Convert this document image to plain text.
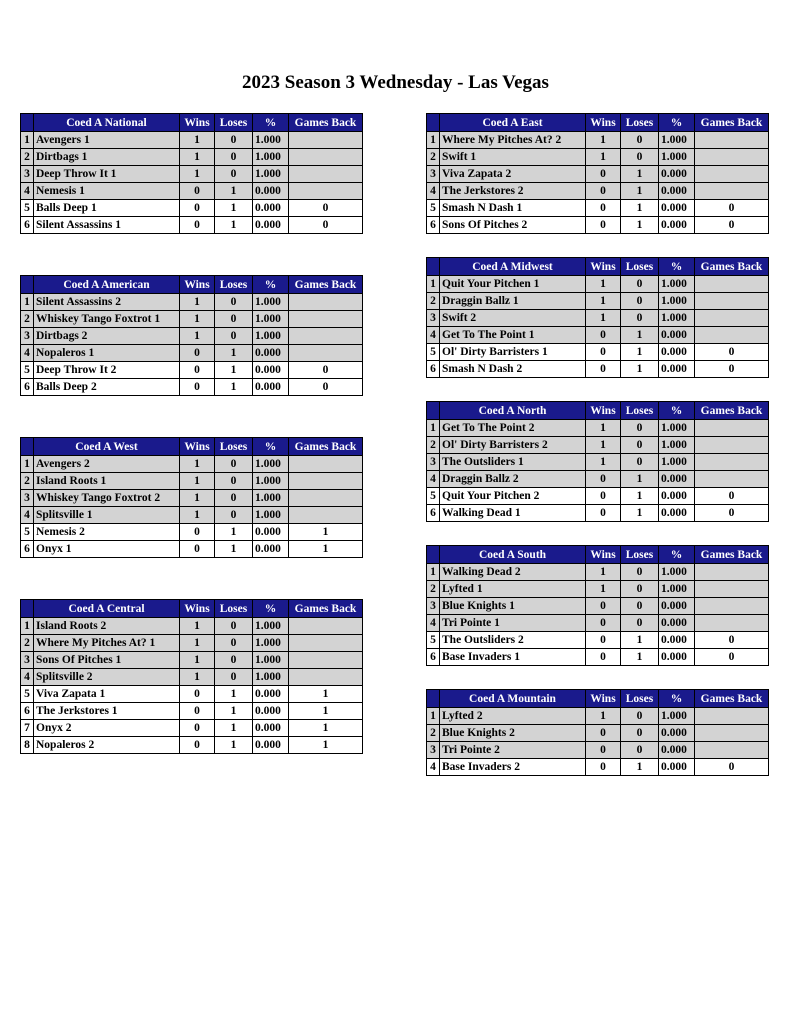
2023 Season 3 Wednesday - Las Vegas
	Coed A National	Wins	Loses	%	Games Back
1	Avengers 1	1	0	1.000	
2	Dirtbags 1	1	0	1.000	
3	Deep Throw It 1	1	0	1.000	
4	Nemesis 1	0	1	0.000	
5	Balls Deep 1	0	1	0.000	0
6	Silent Assassins 1	0	1	0.000	0
	Coed A American	Wins	Loses	%	Games Back
1	Silent Assassins 2	1	0	1.000	
2	Whiskey Tango Foxtrot 1	1	0	1.000	
3	Dirtbags 2	1	0	1.000	
4	Nopaleros 1	0	1	0.000	
5	Deep Throw It 2	0	1	0.000	0
6	Balls Deep 2	0	1	0.000	0
	Coed A West	Wins	Loses	%	Games Back
1	Avengers 2	1	0	1.000	
2	Island Roots 1	1	0	1.000	
3	Whiskey Tango Foxtrot 2	1	0	1.000	
4	Splitsville 1	1	0	1.000	
5	Nemesis 2	0	1	0.000	1
6	Onyx 1	0	1	0.000	1
	Coed A Central	Wins	Loses	%	Games Back
1	Island Roots 2	1	0	1.000	
2	Where My Pitches At? 1	1	0	1.000	
3	Sons Of Pitches 1	1	0	1.000	
4	Splitsville 2	1	0	1.000	
5	Viva Zapata 1	0	1	0.000	1
6	The Jerkstores 1	0	1	0.000	1
7	Onyx 2	0	1	0.000	1
8	Nopaleros 2	0	1	0.000	1
	Coed A East	Wins	Loses	%	Games Back
1	Where My Pitches At? 2	1	0	1.000	
2	Swift 1	1	0	1.000	
3	Viva Zapata 2	0	1	0.000	
4	The Jerkstores 2	0	1	0.000	
5	Smash N Dash 1	0	1	0.000	0
6	Sons Of Pitches 2	0	1	0.000	0
	Coed A Midwest	Wins	Loses	%	Games Back
1	Quit Your Pitchen 1	1	0	1.000	
2	Draggin Ballz 1	1	0	1.000	
3	Swift 2	1	0	1.000	
4	Get To The Point 1	0	1	0.000	
5	Ol' Dirty Barristers 1	0	1	0.000	0
6	Smash N Dash 2	0	1	0.000	0
	Coed A North	Wins	Loses	%	Games Back
1	Get To The Point 2	1	0	1.000	
2	Ol' Dirty Barristers 2	1	0	1.000	
3	The Outsliders 1	1	0	1.000	
4	Draggin Ballz 2	0	1	0.000	
5	Quit Your Pitchen 2	0	1	0.000	0
6	Walking Dead 1	0	1	0.000	0
	Coed A South	Wins	Loses	%	Games Back
1	Walking Dead 2	1	0	1.000	
2	Lyfted 1	1	0	1.000	
3	Blue Knights 1	0	0	0.000	
4	Tri Pointe 1	0	0	0.000	
5	The Outsliders 2	0	1	0.000	0
6	Base Invaders 1	0	1	0.000	0
	Coed A Mountain	Wins	Loses	%	Games Back
1	Lyfted 2	1	0	1.000	
2	Blue Knights 2	0	0	0.000	
3	Tri Pointe 2	0	0	0.000	
4	Base Invaders 2	0	1	0.000	0
